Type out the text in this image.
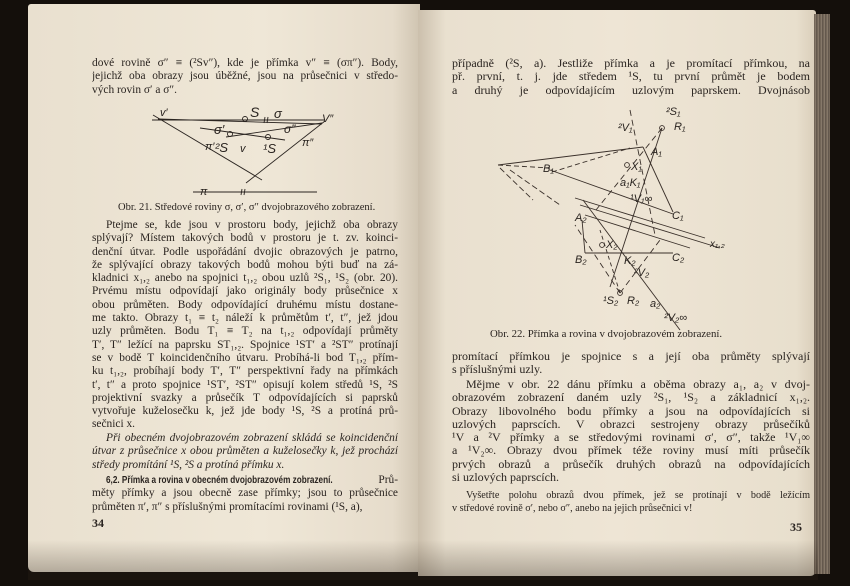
dové rovině σ″ ≡ (²Sv″), kde je přímka v″ ≡ (σπ″). Body,
jejichž oba obrazy jsou úběžné, jsou na průsečnici v středo-
vých rovin σ′ a σ″.
Obr. 21. Středové roviny σ, σ′, σ″ dvojobrazového zobrazení.
Ptejme se, kde jsou v prostoru body, jejichž oba obrazy
splývají? Místem takových bodů v prostoru je t. zv. koinci-
denční útvar. Podle uspořádání dvojic obrazových je patrno,
že splývající obrazy takových bodů mohou býti buď na zá-
kladnici x₁,₂ anebo na spojnici t₁,₂ obou uzlů ²S₁, ¹S₂ (obr. 20).
Prvému místu odpovídají jako originály body průsečnice x
obou průměten. Body odpovídající druhému místu dostane-
me takto. Obrazy t₁ ≡ t₂ náleží k průmětům t′, t″, jež jdou
uzly průměten. Bodu T₁ ≡ T₂ na t₁,₂ odpovídají průměty
T′, T″ ležící na paprsku ST₁,₂. Spojnice ¹ST′ a ²ST″ protínají
se v bodě T koincidenčního útvaru. Probíhá-li bod T₁,₂ přím-
ku t₁,₂, probíhají body T′, T″ perspektivní řady na přímkách
t′, t″ a proto spojnice ¹ST′, ²ST″ opisují kolem středů ¹S, ²S
projektivní svazky a průsečík T odpovídajících si paprsků
vytvořuje kuželosečku k, jež jde body ¹S, ²S a protíná prů-
sečnici x.
Při obecném dvojobrazovém zobrazení skládá se koincidenční
útvar z průsečnice x obou průměten a kuželosečky k, jež prochází
středy promítání ¹S, ²S a protíná přímku x.
6,2. Přímka a rovina v obecném dvojobrazovém zobrazení.	Prů-
měty přímky a jsou obecně zase přímky; jsou to průsečnice
průměten π′, π″ s příslušnými promítacími rovinami (¹S, a),
34
případně (²S, a). Jestliže přímka a je promítací přímkou, na
př. první, t. j. jde středem ¹S, tu první průmět je bodem
a druhý je odpovídajícím uzlovým paprskem. Dvojnásob
Obr. 22. Přímka a rovina v dvojobrazovém zobrazení.
promítací přímkou je spojnice s a její oba průměty splývají
s příslušnými uzly.
Mějme v obr. 22 dánu přímku a oběma obrazy a₁, a₂ v dvoj-
obrazovém zobrazení daném uzly ²S₁, ¹S₂ a základnicí x₁,₂.
Obrazy libovolného bodu přímky a jsou na odpovídajících si
uzlových paprscích. V obrazci sestrojeny obrazy průsečíků
¹V a ²V přímky a se středovými rovinami σ′, σ″, takže ¹V₁∞
a ¹V₂∞. Obrazy dvou přímek téže roviny musí míti průsečík
prvých obrazů a průsečík druhých obrazů na odpovídajících
si uzlových paprscích.
Vyšetřte polohu obrazů dvou přímek, jež se protínají v bodě ležícím
v středové rovině σ′, nebo σ″, anebo na jejich průsečnici v!
35
v′	S σ	V″
σ′	σ″
v
²S	¹S
π′	π″
π
²S₁
R₁
²V₁
A₁
B₁	X₁
a₁K₁
¹V₁∞
C₁
A₂
X₂	x₁,₂
B₂	C₂
K₂
²V₂
¹S₂ R₂ a₂
²V₂∞
